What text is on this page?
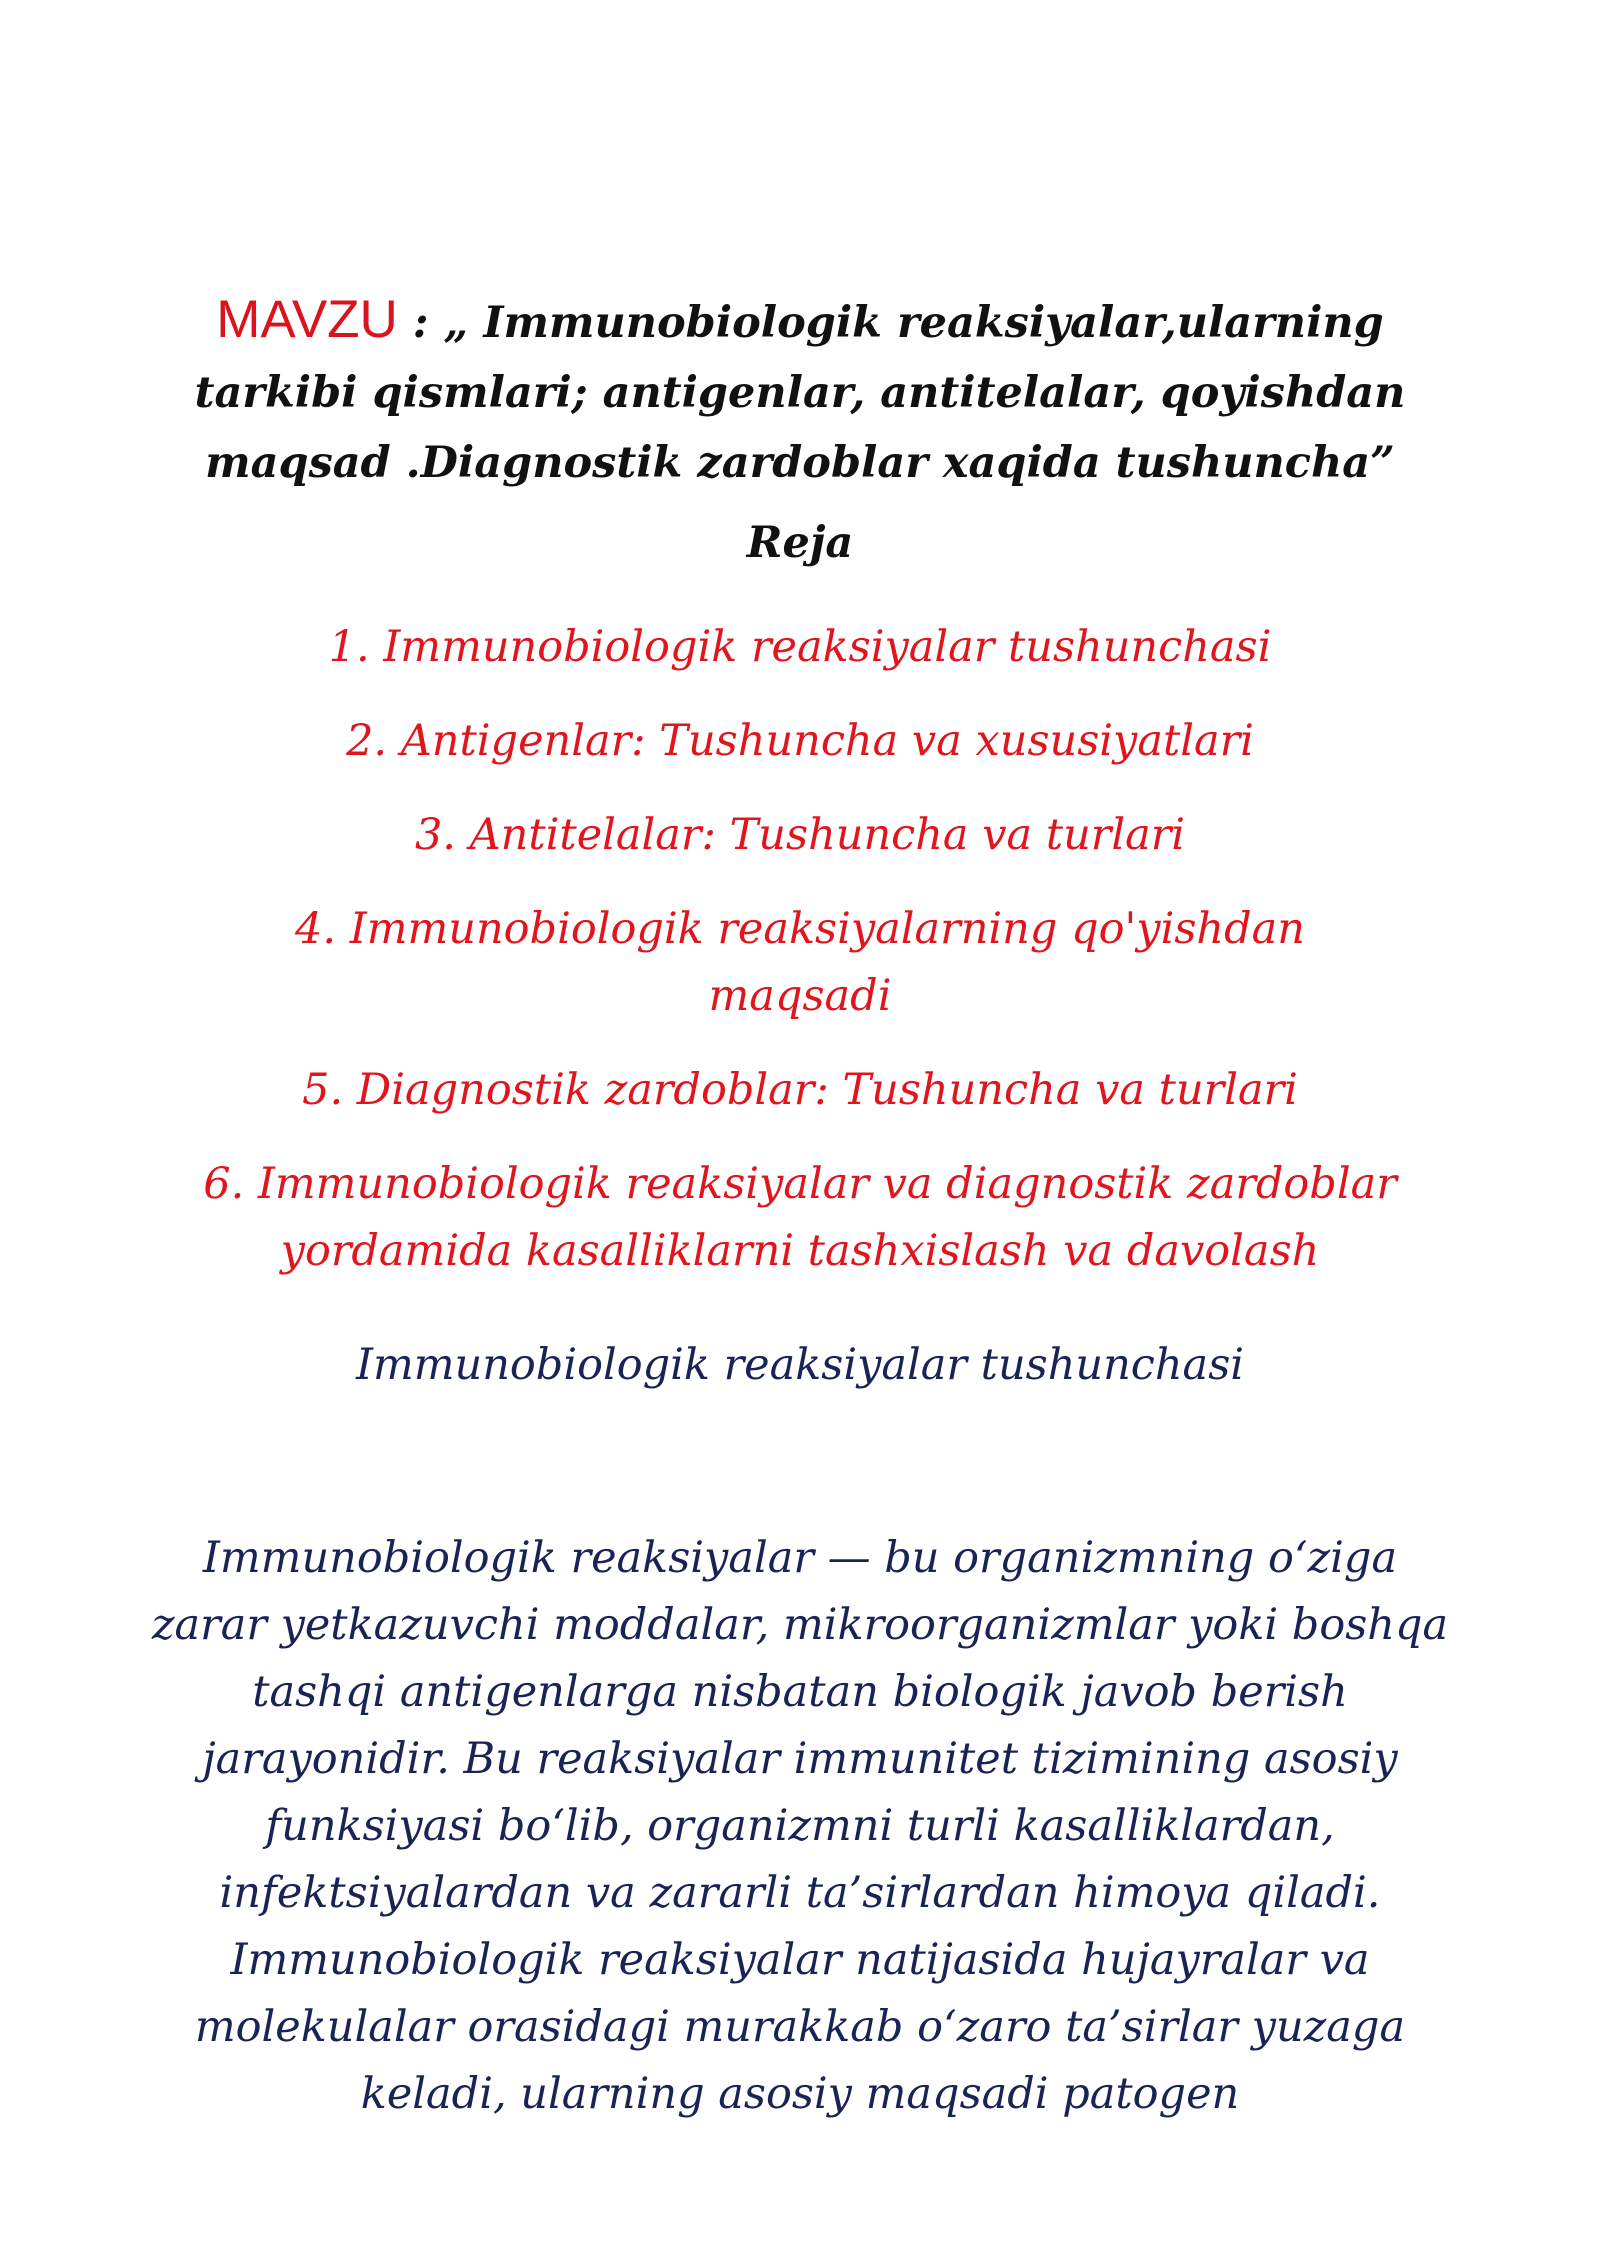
MAVZU : „ Immunobiologik reaksiyalar,ularning tarkibi qismlari; antigenlar, antitelalar, qoyishdan maqsad .Diagnostik zardoblar xaqida tushuncha”
Reja
1. Immunobiologik reaksiyalar tushunchasi
2. Antigenlar: Tushuncha va xususiyatlari
3. Antitelalar: Tushuncha va turlari
4. Immunobiologik reaksiyalarning qo'yishdan maqsadi
5. Diagnostik zardoblar: Tushuncha va turlari
6. Immunobiologik reaksiyalar va diagnostik zardoblar yordamida kasalliklarni tashxislash va davolash
Immunobiologik reaksiyalar tushunchasi

Immunobiologik reaksiyalar — bu organizmning o‘ziga zarar yetkazuvchi moddalar, mikroorganizmlar yoki boshqa tashqi antigenlarga nisbatan biologik javob berish jarayonidir. Bu reaksiyalar immunitet tizimining asosiy funksiyasi bo‘lib, organizmni turli kasalliklardan, infektsiyalardan va zararli ta’sirlardan himoya qiladi. Immunobiologik reaksiyalar natijasida hujayralar va molekulalar orasidagi murakkab o‘zaro ta’sirlar yuzaga keladi, ularning asosiy maqsadi patogen
